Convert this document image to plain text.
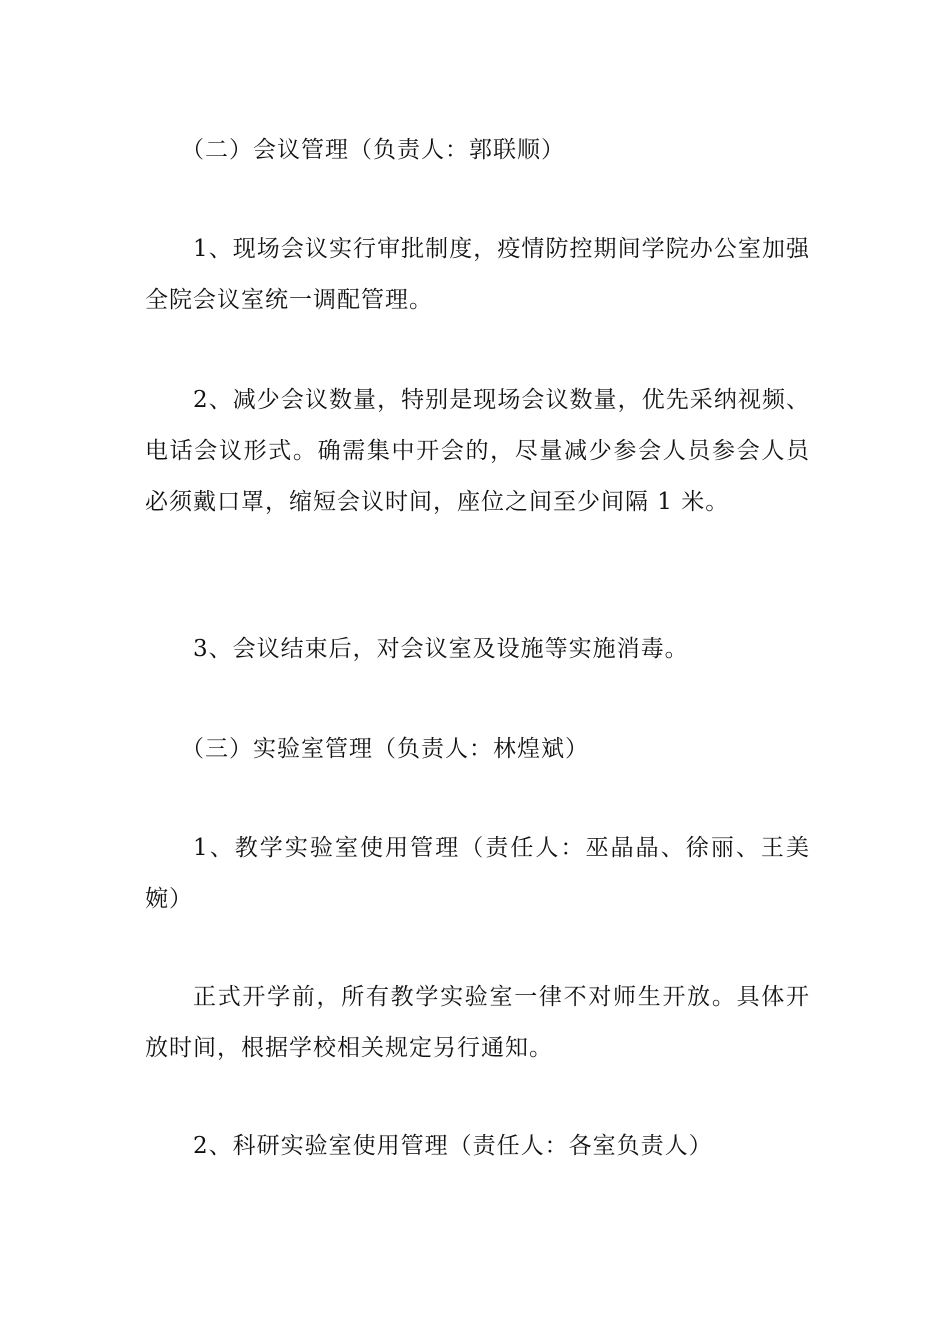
（二）会议管理（负责人：郭联顺）

1、现场会议实行审批制度，疫情防控期间学院办公室加强全院会议室统一调配管理。

2、减少会议数量，特别是现场会议数量，优先采纳视频、电话会议形式。确需集中开会的，尽量减少参会人员参会人员必须戴口罩，缩短会议时间，座位之间至少间隔 1 米。

3、会议结束后，对会议室及设施等实施消毒。

（三）实验室管理（负责人：林煌斌）

1、教学实验室使用管理（责任人：巫晶晶、徐丽、王美婉）

正式开学前，所有教学实验室一律不对师生开放。具体开放时间，根据学校相关规定另行通知。

2、科研实验室使用管理（责任人：各室负责人）
